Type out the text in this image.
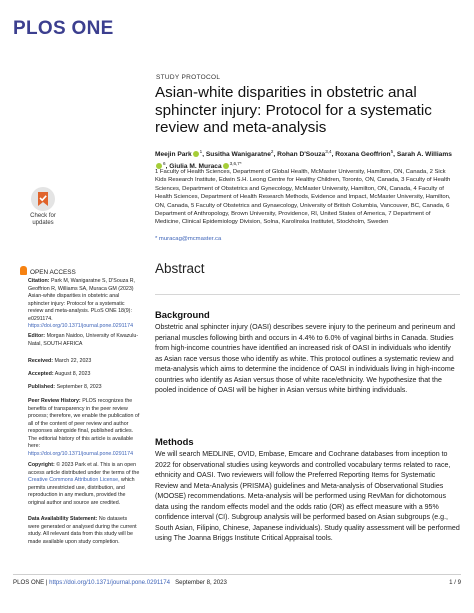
PLOS ONE
STUDY PROTOCOL
Asian-white disparities in obstetric anal sphincter injury: Protocol for a systematic review and meta-analysis
Meejin Park $^1$, Susitha Wanigaratne$^2$, Rohan D'Souza$^{3,4}$, Roxana Geoffrion$^5$, Sarah A. Williams$^6$, Giulia M. Muraca $^{3,6,7*}$
1 Faculty of Health Sciences, Department of Global Health, McMaster University, Hamilton, ON, Canada, 2 Sick Kids Research Institute, Edwin S.H. Leong Centre for Healthy Children, Toronto, ON, Canada, 3 Faculty of Health Sciences, Department of Obstetrics and Gynecology, McMaster University, Hamilton, ON, Canada, 4 Faculty of Health Sciences, Department of Health Research Methods, Evidence and Impact, McMaster University, Hamilton, ON, Canada, 5 Faculty of Obstetrics and Gynaecology, University of British Columbia, Vancouver, BC, Canada, 6 Department of Anthropology, Brown University, Providence, RI, United States of America, 7 Department of Medicine, Clinical Epidemiology Division, Solna, Karolinska Institutet, Stockholm, Sweden
* muracag@mcmaster.ca
Abstract
Background
Obstetric anal sphincter injury (OASI) describes severe injury to the perineum and perineum and perianal muscles following birth and occurs in 4.4% to 6.0% of vaginal births in Canada. Studies from high-income countries have identified an increased risk of OASI in individuals who identify as Asian race versus those who identify as white. This protocol outlines a systematic review and meta-analysis which aims to determine the incidence of OASI in individuals living in high-income countries who identify as Asian versus those of white race/ethnicity. We hypothesize that the pooled incidence of OASI will be higher in Asian versus white birthing individuals.
Methods
We will search MEDLINE, OVID, Embase, Emcare and Cochrane databases from inception to 2022 for observational studies using keywords and controlled vocabulary terms related to race, ethnicity and OASI. Two reviewers will follow the Preferred Reporting Items for Systematic Review and Meta-Analysis (PRISMA) guidelines and Meta-analysis of Observational Studies (MOOSE) recommendations. Meta-analysis will be performed using RevMan for dichotomous data using the random effects model and the odds ratio (OR) as effect measure with a 95% confidence interval (CI). Subgroup analysis will be performed based on Asian subgroups (e.g., South Asian, Filipino, Chinese, Japanese individuals). Study quality assessment will be performed using The Joanna Briggs Institute Critical Appraisal tools.
Check for updates
OPEN ACCESS
Citation: Park M, Wanigaratne S, D'Souza R, Geoffrion R, Williams SA, Muraca GM (2023) Asian-white disparities in obstetric anal sphincter injury: Protocol for a systematic review and meta-analysis. PLoS ONE 18(9): e0291174. https://doi.org/10.1371/journal.pone.0291174
Editor: Morgan Naidoo, University of Kwazulu-Natal, SOUTH AFRICA
Received: March 22, 2023
Accepted: August 8, 2023
Published: September 8, 2023
Peer Review History: PLOS recognizes the benefits of transparency in the peer review process; therefore, we enable the publication of all of the content of peer review and author responses alongside final, published articles. The editorial history of this article is available here: https://doi.org/10.1371/journal.pone.0291174
Copyright: © 2023 Park et al. This is an open access article distributed under the terms of the Creative Commons Attribution License, which permits unrestricted use, distribution, and reproduction in any medium, provided the original author and source are credited.
Data Availability Statement: No datasets were generated or analysed during the current study. All relevant data from this study will be made available upon study completion.
PLOS ONE | https://doi.org/10.1371/journal.pone.0291174 September 8, 2023	1 / 9
